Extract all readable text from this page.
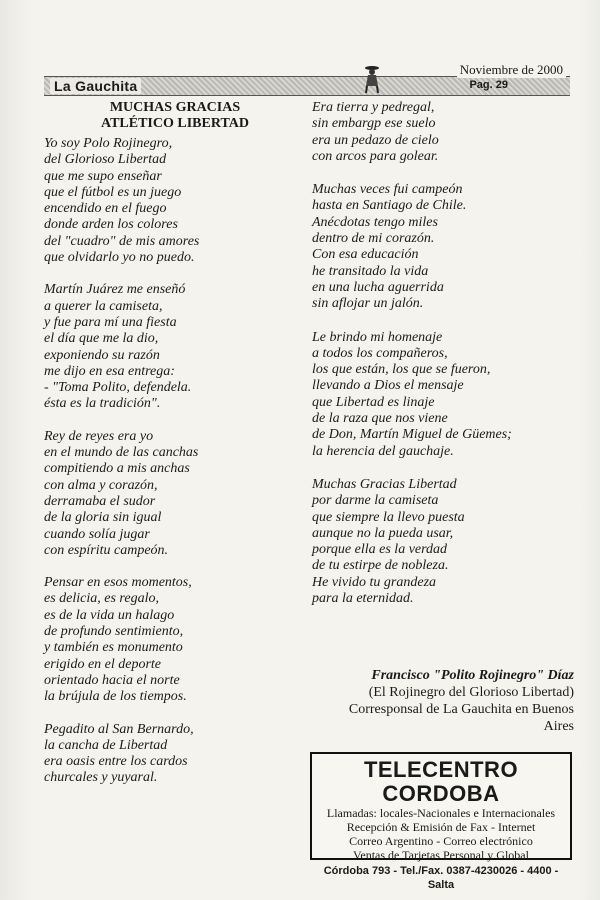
La Gauchita
Noviembre de 2000
Pag. 29
MUCHAS GRACIAS
ATLÉTICO LIBERTAD
Yo soy Polo Rojinegro,
del Glorioso Libertad
que me supo enseñar
que el fútbol es un juego
encendido en el fuego
donde arden los colores
del "cuadro" de mis amores
que olvidarlo yo no puedo.
Martín Juárez me enseñó
a querer la camiseta,
y fue para mí una fiesta
el día que me la dio,
exponiendo su razón
me dijo en esa entrega:
- "Toma Polito, defendela.
ésta es la tradición".
Rey de reyes era yo
en el mundo de las canchas
compitiendo a mis anchas
con alma y corazón,
derramaba el sudor
de la gloria sin igual
cuando solía jugar
con espíritu campeón.
Pensar en esos momentos,
es delicia, es regalo,
es de la vida un halago
de profundo sentimiento,
y también es monumento
erigido en el deporte
orientado hacia el norte
la brújula de los tiempos.
Pegadito al San Bernardo,
la cancha de Libertad
era oasis entre los cardos
churcales y yuyaral.
Era tierra y pedregal,
sin embargp ese suelo
era un pedazo de cielo
con arcos para golear.
Muchas veces fui campeón
hasta en Santiago de Chile.
Anécdotas tengo miles
dentro de mi corazón.
Con esa educación
he transitado la vida
en una lucha aguerrida
sin aflojar un jalón.
Le brindo mi homenaje
a todos los compañeros,
los que están, los que se fueron,
llevando a Dios el mensaje
que Libertad es linaje
de la raza que nos viene
de Don, Martín Miguel de Güemes;
la herencia del gauchaje.
Muchas Gracias Libertad
por darme la camiseta
que siempre la llevo puesta
aunque no la pueda usar,
porque ella es la verdad
de tu estirpe de nobleza.
He vivido tu grandeza
para la eternidad.
Francisco "Polito Rojinegro" Díaz
(El Rojinegro del Glorioso Libertad)
Corresponsal de La Gauchita en Buenos
Aires
TELECENTRO CORDOBA
Llamadas: locales-Nacionales e Internacionales
Recepción & Emisión de Fax - Internet
Correo Argentino - Correo electrónico
Ventas de Tarjetas Personal y Global
Córdoba 793 - Tel./Fax. 0387-4230026 - 4400 - Salta
